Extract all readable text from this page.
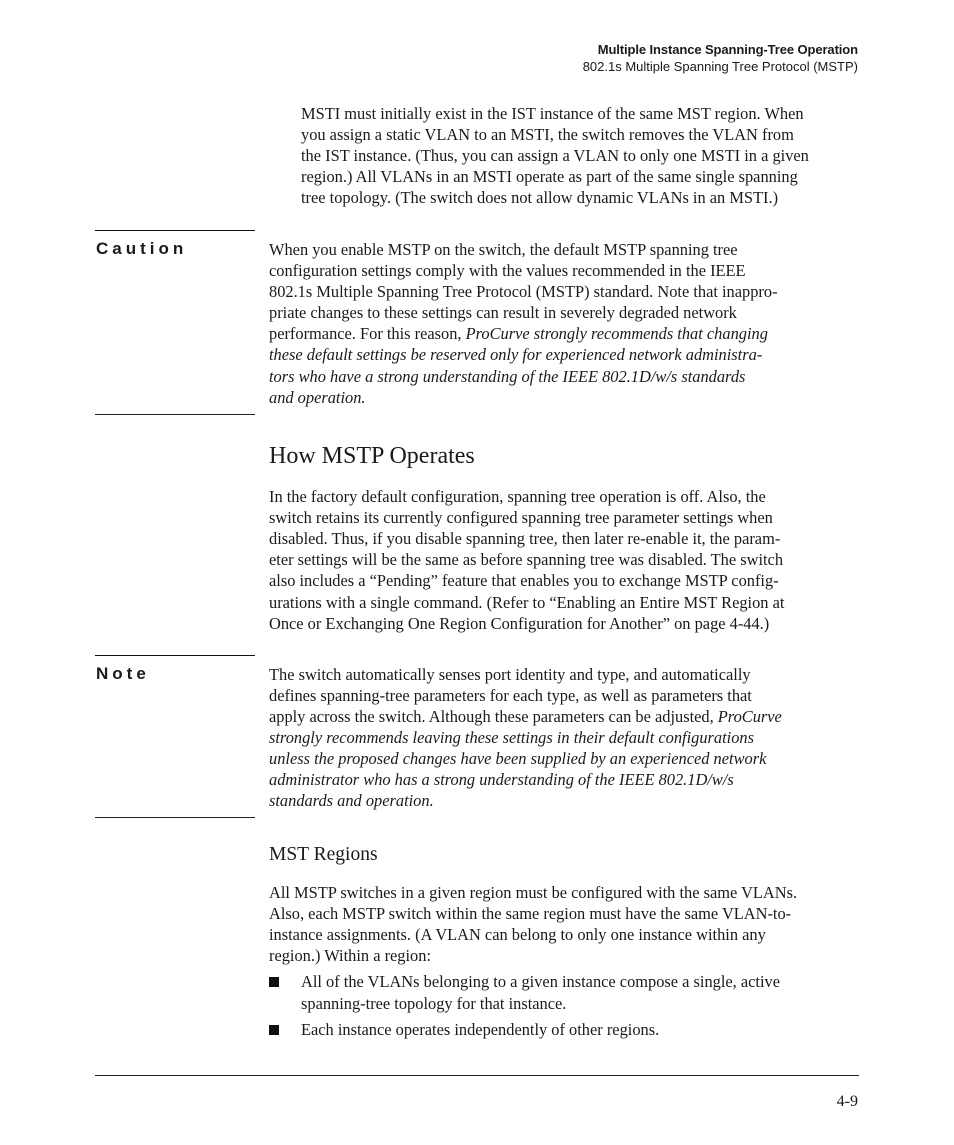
Multiple Instance Spanning-Tree Operation
802.1s Multiple Spanning Tree Protocol (MSTP)
MSTI must initially exist in the IST instance of the same MST region. When
you assign a static VLAN to an MSTI, the switch removes the VLAN from
the IST instance. (Thus, you can assign a VLAN to only one MSTI in a given
region.) All VLANs in an MSTI operate as part of the same single spanning
tree topology. (The switch does not allow dynamic VLANs in an MSTI.)
Caution	When you enable MSTP on the switch, the default MSTP spanning tree
configuration settings comply with the values recommended in the IEEE
802.1s Multiple Spanning Tree Protocol (MSTP) standard. Note that inappro-
priate changes to these settings can result in severely degraded network
performance. For this reason, ProCurve strongly recommends that changing
these default settings be reserved only for experienced network administra-
tors who have a strong understanding of the IEEE 802.1D/w/s standards
and operation.
How MSTP Operates
In the factory default configuration, spanning tree operation is off. Also, the
switch retains its currently configured spanning tree parameter settings when
disabled. Thus, if you disable spanning tree, then later re-enable it, the param-
eter settings will be the same as before spanning tree was disabled. The switch
also includes a “Pending” feature that enables you to exchange MSTP config-
urations with a single command. (Refer to “Enabling an Entire MST Region at
Once or Exchanging One Region Configuration for Another” on page 4-44.)
Note	The switch automatically senses port identity and type, and automatically
defines spanning-tree parameters for each type, as well as parameters that
apply across the switch. Although these parameters can be adjusted, ProCurve
strongly recommends leaving these settings in their default configurations
unless the proposed changes have been supplied by an experienced network
administrator who has a strong understanding of the IEEE 802.1D/w/s
standards and operation.
MST Regions
All MSTP switches in a given region must be configured with the same VLANs.
Also, each MSTP switch within the same region must have the same VLAN-to-
instance assignments. (A VLAN can belong to only one instance within any
region.) Within a region:
All of the VLANs belonging to a given instance compose a single, active
spanning-tree topology for that instance.
Each instance operates independently of other regions.
4-9
